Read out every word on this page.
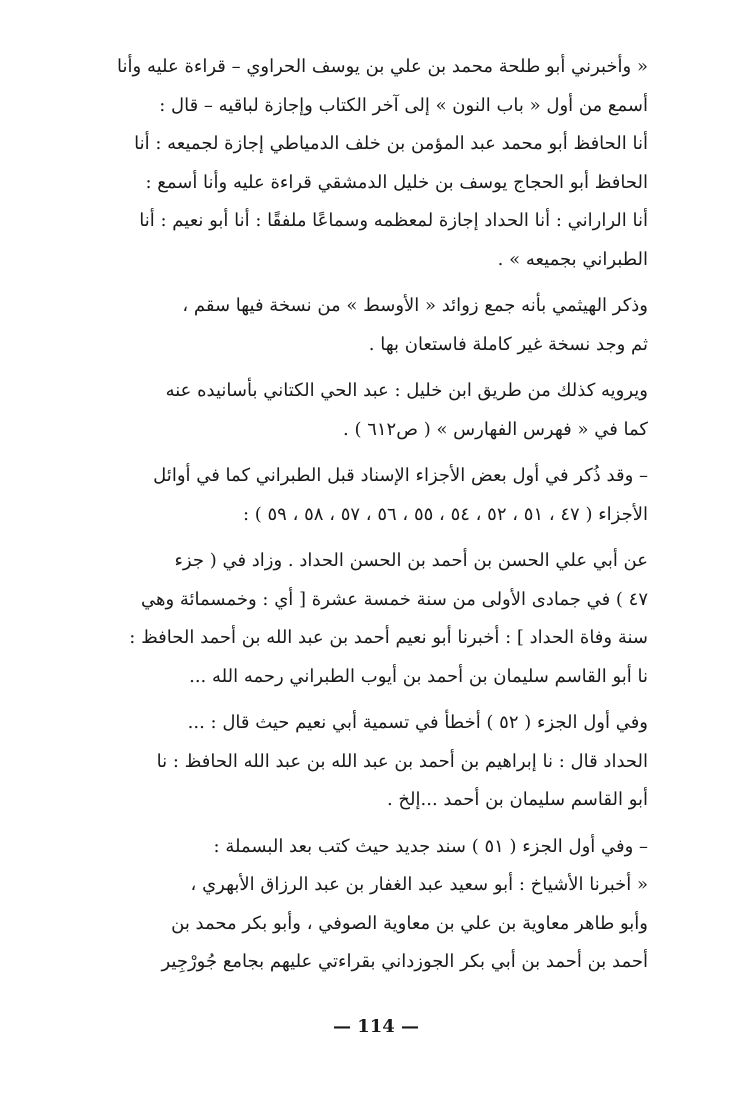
« وأخبرني أبو طلحة محمد بن علي بن يوسف الحراوي – قراءة عليه وأنا
أسمع من أول « باب النون » إلى آخر الكتاب وإجازة لباقيه – قال :
أنا الحافظ أبو محمد عبد المؤمن بن خلف الدمياطي إجازة لجميعه : أنا
الحافظ أبو الحجاج يوسف بن خليل الدمشقي قراءة عليه وأنا أسمع :
أنا الراراني : أنا الحداد إجازة لمعظمه وسماعًا ملفقًا : أنا أبو نعيم : أنا
الطبراني بجميعه » .
وذكر الهيثمي بأنه جمع زوائد « الأوسط » من نسخة فيها سقم ،
ثم وجد نسخة غير كاملة فاستعان بها .
ويرويه كذلك من طريق ابن خليل : عبد الحي الكتاني بأسانيده عنه
كما في « فهرس الفهارس » ( ص٦١٢ ) .
– وقد ذُكر في أول بعض الأجزاء الإسناد قبل الطبراني كما في أوائل
الأجزاء ( ٤٧ ، ٥١ ، ٥٢ ، ٥٤ ، ٥٥ ، ٥٦ ، ٥٧ ، ٥٨ ، ٥٩ ) :
عن أبي علي الحسن بن أحمد بن الحسن الحداد . وزاد في ( جزء
٤٧ ) في جمادى الأولى من سنة خمسة عشرة [ أي : وخمسمائة وهي
سنة وفاة الحداد ] : أخبرنا أبو نعيم أحمد بن عبد الله بن أحمد الحافظ :
نا أبو القاسم سليمان بن أحمد بن أيوب الطبراني رحمه الله ...
وفي أول الجزء ( ٥٢ ) أخطأ في تسمية أبي نعيم حيث قال : ...
الحداد قال : نا إبراهيم بن أحمد بن عبد الله بن عبد الله الحافظ : نا
أبو القاسم سليمان بن أحمد ...إلخ .
– وفي أول الجزء ( ٥١ ) سند جديد حيث كتب بعد البسملة :
« أخبرنا الأشياخ : أبو سعيد عبد الغفار بن عبد الرزاق الأبهري ،
وأبو طاهر معاوية بن علي بن معاوية الصوفي ، وأبو بكر محمد بن
أحمد بن أحمد بن أبي بكر الجوزداني بقراءتي عليهم بجامع جُورْجِير
— 114 —
